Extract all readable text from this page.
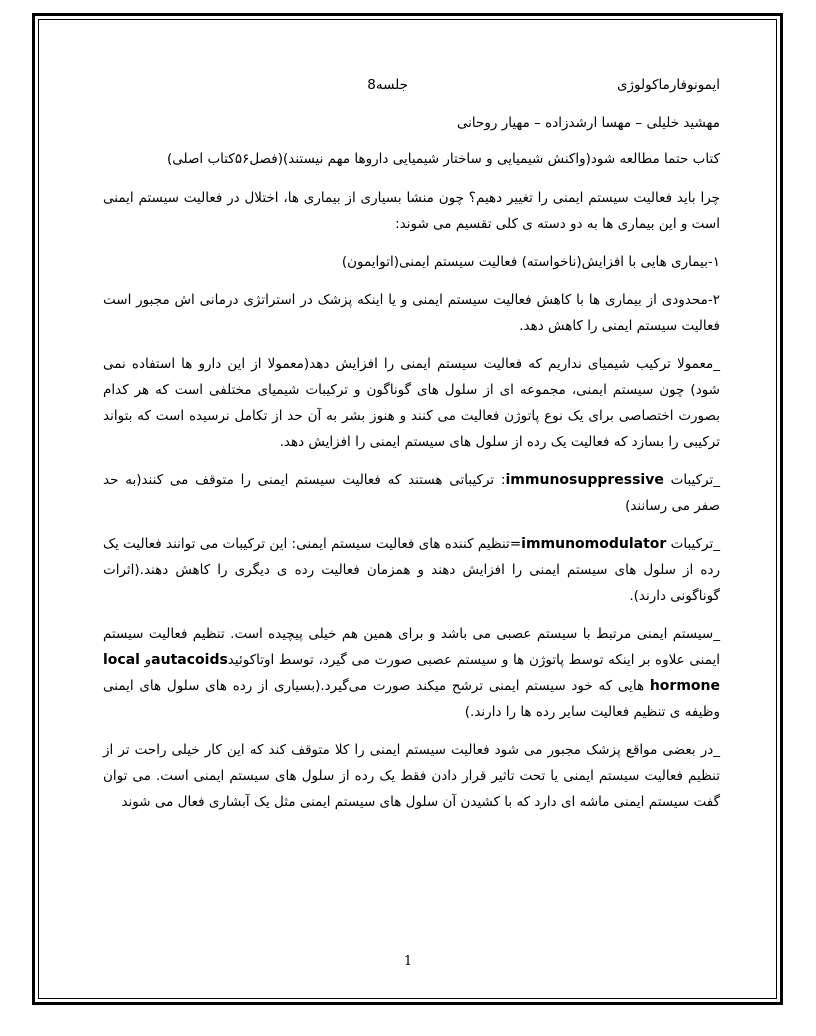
ایمونوفارماکولوژی
جلسه8

مهشید خلیلی – مهسا ارشدزاده – مهیار روحانی

کتاب حتما مطالعه شود(واکنش شیمیایی و ساختار شیمیایی داروها مهم نیستند)(فصل۵۶کتاب اصلی)

چرا باید فعالیت سیستم ایمنی را تغییر دهیم؟ چون منشا بسیاری از بیماری ها، اختلال در فعالیت سیستم ایمنی است و این بیماری ها به دو دسته ی کلی تقسیم می شوند:

۱-بیماری هایی با افزایش(ناخواسته) فعالیت سیستم ایمنی(اتوایمون)

۲-محدودی از بیماری ها با کاهش فعالیت سیستم ایمنی و یا اینکه پزشک در استراتژی درمانی اش مجبور است فعالیت سیستم ایمنی را کاهش دهد.

_معمولا ترکیب شیمیای نداریم که فعالیت سیستم ایمنی را افزایش دهد(معمولا از این دارو ها استفاده نمی شود) چون سیستم ایمنی، مجموعه ای از سلول های گوناگون و ترکیبات شیمیای مختلفی است که هر کدام بصورت اختصاصی برای یک نوع پاتوژن فعالیت می کنند و هنوز بشر به آن حد از تکامل نرسیده است که بتواند ترکیبی را بسازد که فعالیت یک رده از سلول های سیستم ایمنی را افزایش دهد.

_ترکیبات immunosuppressive: ترکیباتی هستند که فعالیت سیستم ایمنی را متوقف می کنند(به حد صفر می رسانند)

_ترکیبات immunomodulator=تنظیم کننده های فعالیت سیستم ایمنی: این ترکیبات می توانند فعالیت یک رده از سلول های سیستم ایمنی را افزایش دهند و همزمان فعالیت رده ی دیگری را کاهش دهند.(اثرات گوناگونی دارند).

_سیستم ایمنی مرتبط با سیستم عصبی می باشد و برای همین هم خیلی پیچیده است. تنظیم فعالیت سیستم ایمنی علاوه بر اینکه توسط پاتوژن ها و سیستم عصبی صورت می گیرد، توسط اوتاکوئیدautacoidsو local hormone هایی که خود سیستم ایمنی ترشح میکند صورت می‌گیرد.(بسیاری از رده های سلول های ایمنی وظیفه ی تنظیم فعالیت سایر رده ها را دارند.)

_در بعضی مواقع پزشک مجبور می شود فعالیت سیستم ایمنی را کلا متوقف کند که این کار خیلی راحت تر از تنظیم فعالیت سیستم ایمنی یا تحت تاثیر قرار دادن فقط یک رده از سلول های سیستم ایمنی است. می توان گفت سیستم ایمنی ماشه ای دارد که با کشیدن آن سلول های سیستم ایمنی مثل یک آبشاری فعال می شوند

1
